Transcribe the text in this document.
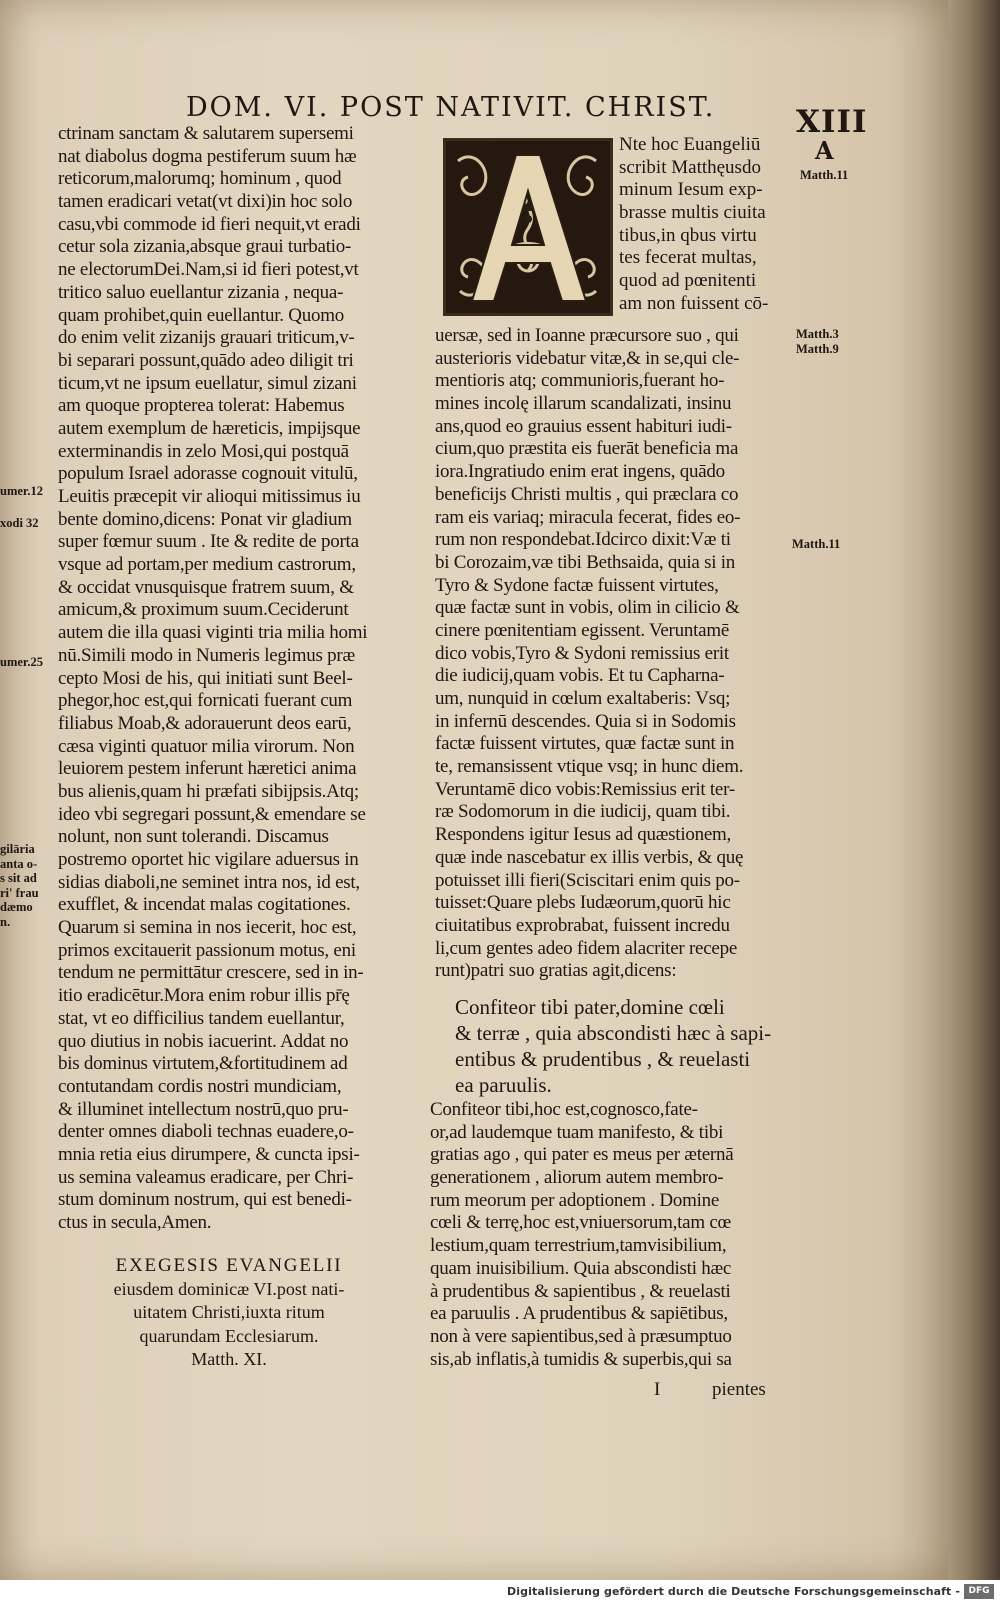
DOM. VI. POST NATIVIT. CHRIST.	XIII
A
ctrinam sanctam & salutarem supersemi
nat diabolus dogma pestiferum suum hæ
reticorum,malorumq; hominum , quod
tamen eradicari vetat(vt dixi)in hoc solo
casu,vbi commode id fieri nequit,vt eradi
cetur sola zizania,absque graui turbatio-
ne electorumDei.Nam,si id fieri potest,vt
tritico saluo euellantur zizania , nequa-
quam prohibet,quin euellantur. Quomo
do enim velit zizanijs grauari triticum,v-
bi separari possunt,quādo adeo diligit tri
ticum,vt ne ipsum euellatur, simul zizani
am quoque propterea tolerat: Habemus
autem exemplum de hæreticis, impijsque
exterminandis in zelo Mosi,qui postquā
populum Israel adorasse cognouit vitulū,
Leuitis præcepit vir alioqui mitissimus iu
bente domino,dicens: Ponat vir gladium
super fœmur suum . Ite & redite de porta
vsque ad portam,per medium castrorum,
& occidat vnusquisque fratrem suum, &
amicum,& proximum suum.Ceciderunt
autem die illa quasi viginti tria milia homi
nū.Simili modo in Numeris legimus præ
cepto Mosi de his, qui initiati sunt Beel-
phegor,hoc est,qui fornicati fuerant cum
filiabus Moab,& adorauerunt deos earū,
cæsa viginti quatuor milia virorum. Non
leuiorem pestem inferunt hæretici anima
bus alienis,quam hi præfati sibijpsis.Atq;
ideo vbi segregari possunt,& emendare se
nolunt, non sunt tolerandi. Discamus
postremo oportet hic vigilare aduersus in
sidias diaboli,ne seminet intra nos, id est,
exufflet, & incendat malas cogitationes.
Quarum si semina in nos iecerit, hoc est,
primos excitauerit passionum motus, eni
tendum ne permittātur crescere, sed in in-
itio eradicētur.Mora enim robur illis pr̄ę
stat, vt eo difficilius tandem euellantur,
quo diutius in nobis iacuerint. Addat no
bis dominus virtutem,&fortitudinem ad
contutandam cordis nostri mundiciam,
& illuminet intellectum nostrū,quo pru-
denter omnes diaboli technas euadere,o-
mnia retia eius dirumpere, & cuncta ipsi-
us semina valeamus eradicare, per Chri-
stum dominum nostrum, qui est benedi-
ctus in secula,Amen.
EXEGESIS EVANGELII
eiusdem dominicæ VI.post nati-
uitatem Christi,iuxta ritum
quarundam Ecclesiarum.
Matth. XI.
Nte hoc Euangeliū
scribit Matthęusdo
minum Iesum exp-
brasse multis ciuita
tibus,in qbus virtu
tes fecerat multas,
quod ad pœnitenti
am non fuissent cō-
uersæ, sed in Ioanne præcursore suo , qui
austerioris videbatur vitæ,& in se,qui cle-
mentioris atq; communioris,fuerant ho-
mines incolę illarum scandalizati, insinu
ans,quod eo grauius essent habituri iudi-
cium,quo præstita eis fuerāt beneficia ma
iora.Ingratiudo enim erat ingens, quādo
beneficijs Christi multis , qui præclara co
ram eis variaq; miracula fecerat, fides eo-
rum non respondebat.Idcirco dixit:Væ ti
bi Corozaim,væ tibi Bethsaida, quia si in
Tyro & Sydone factæ fuissent virtutes,
quæ factæ sunt in vobis, olim in cilicio &
cinere pœnitentiam egissent. Veruntamē
dico vobis,Tyro & Sydoni remissius erit
die iudicij,quam vobis. Et tu Capharna-
um, nunquid in cœlum exaltaberis: Vsq;
in infernū descendes. Quia si in Sodomis
factæ fuissent virtutes, quæ factæ sunt in
te, remansissent vtique vsq; in hunc diem.
Veruntamē dico vobis:Remissius erit ter-
ræ Sodomorum in die iudicij, quam tibi.
Respondens igitur Iesus ad quæstionem,
quæ inde nascebatur ex illis verbis, & quę
potuisset illi fieri(Sciscitari enim quis po-
tuisset:Quare plebs Iudæorum,quorū hic
ciuitatibus exprobrabat, fuissent incredu
li,cum gentes adeo fidem alacriter recepe
runt)patri suo gratias agit,dicens:
Confiteor tibi pater,domine cœli
& terræ , quia abscondisti hæc à sapi-
entibus & prudentibus , & reuelasti
ea paruulis.
Confiteor tibi,hoc est,cognosco,fate-
or,ad laudemque tuam manifesto, & tibi
gratias ago , qui pater es meus per æternā
generationem , aliorum autem membro-
rum meorum per adoptionem . Domine
cœli & terrę,hoc est,vniuersorum,tam cœ
lestium,quam terrestrium,tamvisibilium,
quam inuisibilium. Quia abscondisti hæc
à prudentibus & sapientibus , & reuelasti
ea paruulis . A prudentibus & sapiētibus,
non à vere sapientibus,sed à præsumptuo
sis,ab inflatis,à tumidis & superbis,qui sa
I	pientes
Matth.11
Matth.3
Matth.9
Matth.11
umer.12
xodi 32
umer.25
gilāria
anta o-
s sit ad
ri' frau
dæmo
n.
Digitalisierung gefördert durch die Deutsche Forschungsgemeinschaft - DFG
